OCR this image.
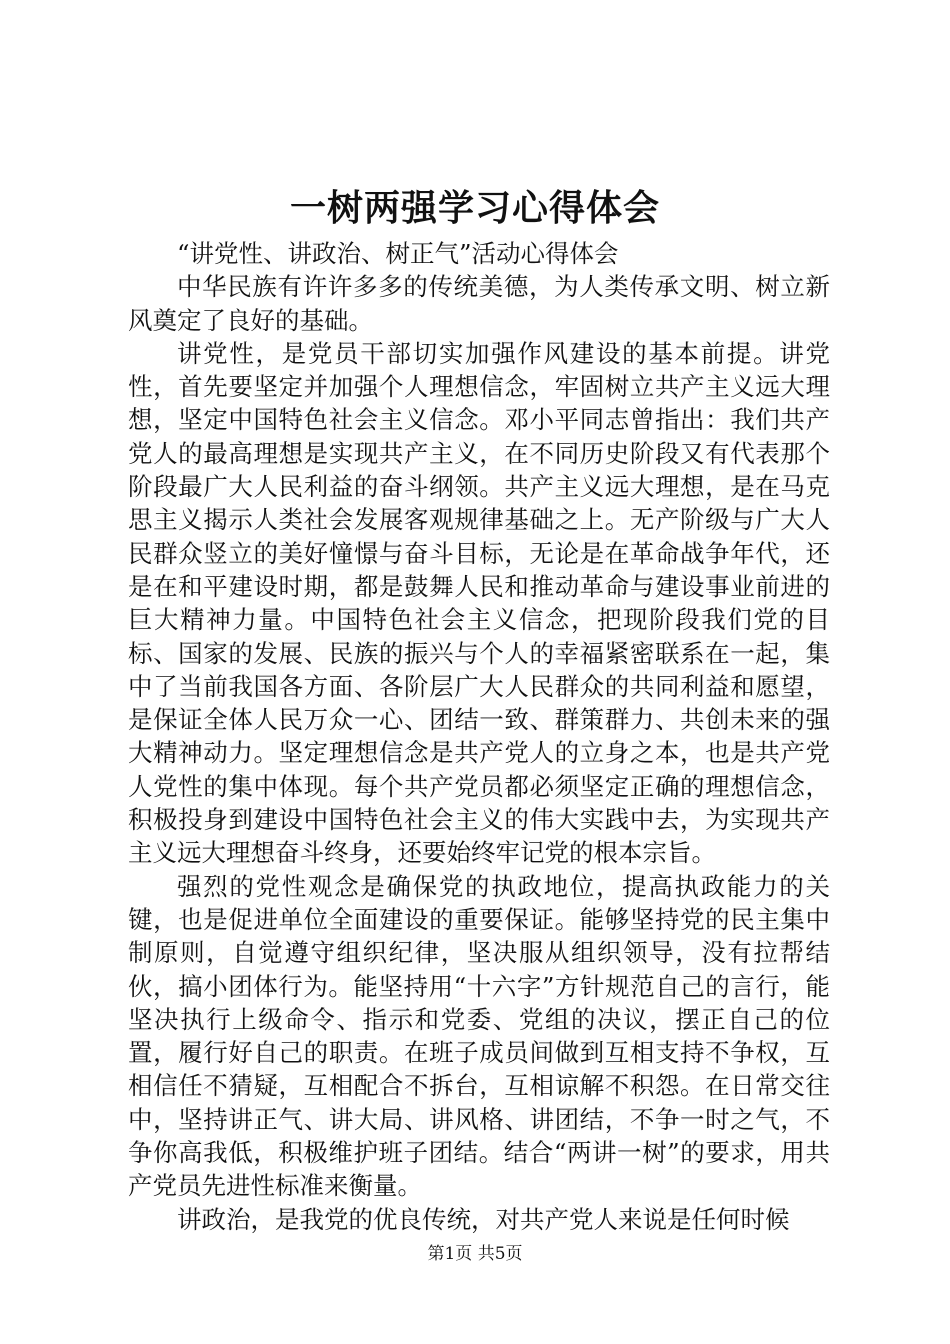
一树两强学习心得体会

“讲党性、讲政治、树正气”活动心得体会

中华民族有许许多多的传统美德，为人类传承文明、树立新风奠定了良好的基础。

讲党性，是党员干部切实加强作风建设的基本前提。讲党性，首先要坚定并加强个人理想信念，牢固树立共产主义远大理想，坚定中国特色社会主义信念。邓小平同志曾指出：我们共产党人的最高理想是实现共产主义，在不同历史阶段又有代表那个阶段最广大人民利益的奋斗纲领。共产主义远大理想，是在马克思主义揭示人类社会发展客观规律基础之上。无产阶级与广大人民群众竖立的美好憧憬与奋斗目标，无论是在革命战争年代，还是在和平建设时期，都是鼓舞人民和推动革命与建设事业前进的巨大精神力量。中国特色社会主义信念，把现阶段我们党的目标、国家的发展、民族的振兴与个人的幸福紧密联系在一起，集中了当前我国各方面、各阶层广大人民群众的共同利益和愿望，是保证全体人民万众一心、团结一致、群策群力、共创未来的强大精神动力。坚定理想信念是共产党人的立身之本，也是共产党人党性的集中体现。每个共产党员都必须坚定正确的理想信念，积极投身到建设中国特色社会主义的伟大实践中去，为实现共产主义远大理想奋斗终身，还要始终牢记党的根本宗旨。

强烈的党性观念是确保党的执政地位，提高执政能力的关键，也是促进单位全面建设的重要保证。能够坚持党的民主集中制原则，自觉遵守组织纪律，坚决服从组织领导，没有拉帮结伙，搞小团体行为。能坚持用“十六字”方针规范自己的言行，能坚决执行上级命令、指示和党委、党组的决议，摆正自己的位置，履行好自己的职责。在班子成员间做到互相支持不争权，互相信任不猜疑，互相配合不拆台，互相谅解不积怨。在日常交往中，坚持讲正气、讲大局、讲风格、讲团结，不争一时之气，不争你高我低，积极维护班子团结。结合“两讲一树”的要求，用共产党员先进性标准来衡量。

讲政治，是我党的优良传统，对共产党人来说是任何时候

第1页 共5页
